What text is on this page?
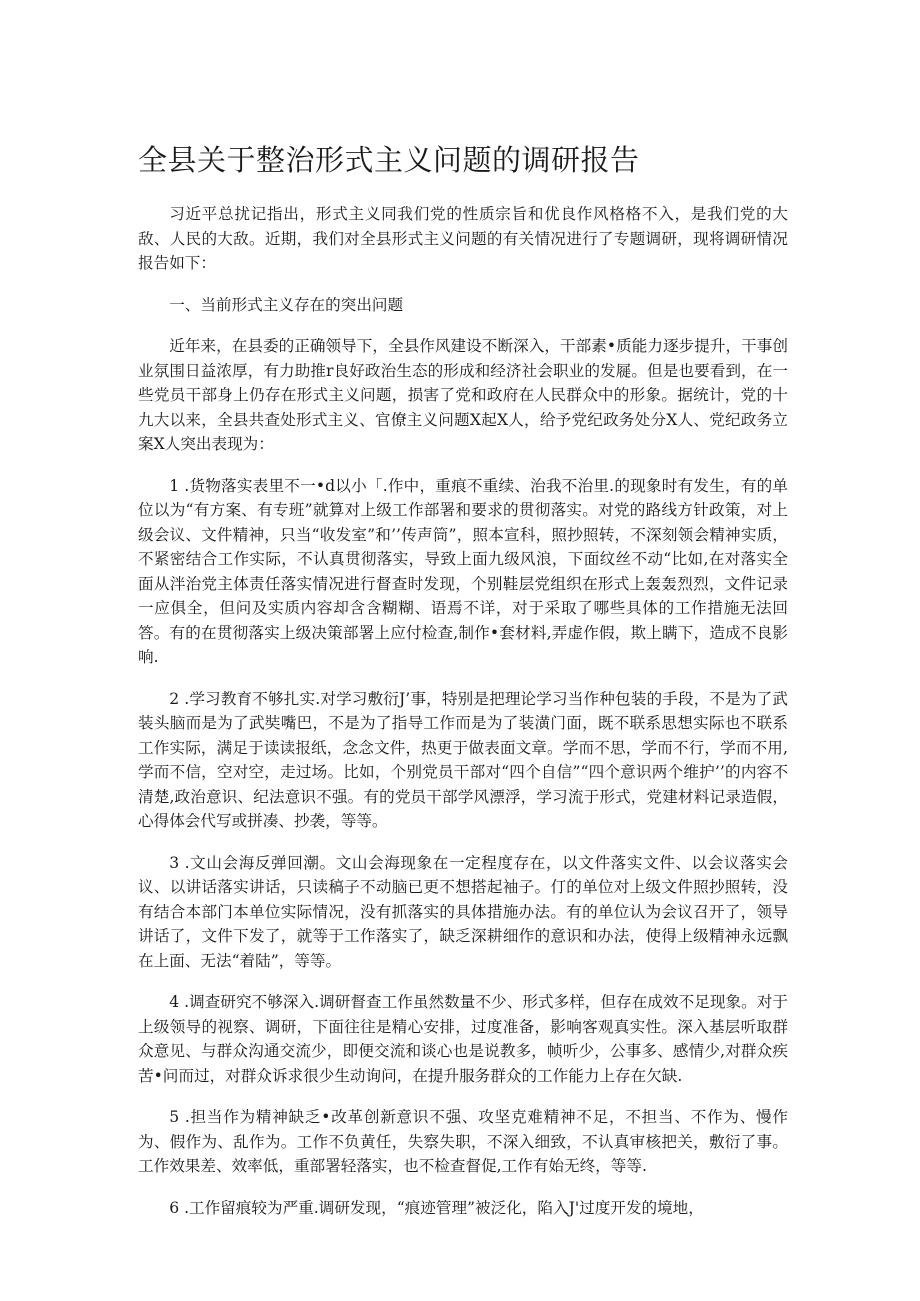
全县关于整治形式主义问题的调研报告

习近平总扰记指出，形式主义同我们党的性质宗旨和优良作风格格不入，是我们党的大敌、人民的大敌。近期，我们对全县形式主义问题的有关情况进行了专题调研，现将调研情况报告如下：

一、当前形式主义存在的突出问题

近年来，在县委的正确领导下，全县作风建设不断深入，干部素•质能力逐步提升，干事创业氛围日益浓厚，有力助推r良好政治生态的形成和经济社会职业的发屣。但是也要看到，在一些党员干部身上仍存在形式主义问题，损害了党和政府在人民群众中的形象。据统计，党的十九大以来，全县共查处形式主义、官僚主义问题X起X人，给予党纪政务处分X人、党纪政务立案X人突出表现为：

1 .货物落实表里不一•d以小「.作中，重痕不重续、治我不治里.的现象时有发生，有的单位以为“有方案、有专班”就算对上级工作部署和要求的贯彻落实。对党的路线方针政策，对上级会议、文件精神，只当“收发室”和’’传声筒”，照本宣科，照抄照转，不深刻领会精神实质，不紧密结合工作实际，不认真贯彻落实，导致上面九级风浪，下面纹丝不动“比如,在对落实全面从泮治党主体责任落实情况进行督查时发现，个别鞋层党组织在形式上轰轰烈烈，文件记录一应俱全，但问及实质内容却含含糊糊、语焉不详，对于采取了哪些具体的工作措施无法回答。有的在贯彻落实上级决策部署上应付检查,制作•套材料,弄虚作假，欺上瞒下，造成不良影响.

2 .学习教育不够扎实.对学习敷衍J’事，特别是把理论学习当作种包装的手段，不是为了武装头脑而是为了武奘嘴巴，不是为了指导工作而是为了装潢门面，既不联系思想实际也不联系工作实际，满足于读读报纸，念念文件，热更于做表面文章。学而不思，学而不行，学而不用,学而不信，空对空，走过场。比如，个别党员干部对“四个自信”“四个意识两个维护’’的内容不清楚,政治意识、纪法意识不强。有的党员干部学风漂浮，学习流于形式，党建材料记录造假，心得体会代写或拼凑、抄袭，等等。

3 .文山会海反弹回潮。文山会海现象在一定程度存在，以文件落实文件、以会议落实会议、以讲话落实讲话，只读稿子不动脑已更不想搭起袖子。仃的单位对上级文件照抄照转，没有结合本部门本单位实际情况，没有抓落实的具体措施办法。有的单位认为会议召开了，领导讲话了，文件下发了，就等于工作落实了，缺乏深耕细作的意识和办法，使得上级精神永远飘在上面、无法“着陆”，等等。

4 .调查研究不够深入.调研督查工作虽然数量不少、形式多样，但存在成效不足现象。对于上级领导的视察、调研，下面往往是精心安排，过度准备，影响客观真实性。深入基层听取群众意见、与群众沟通交流少，即便交流和谈心也是说教多，帧听少，公事多、感情少,对群众疾苦•问而过，对群众诉求很少生动询问，在提升服务群众的工作能力上存在欠缺.

5 .担当作为精神缺乏•改革创新意识不强、攻坚克难精神不足，不担当、不作为、慢作为、假作为、乱作为。工作不负黄任，失察失职，不深入细致，不认真审核把关，敷衍了事。工作效果差、效率低，重部署轻落实，也不检查督促,工作有始无终，等等.

6 .工作留痕较为严重.调研发现，“痕迹管理”被泛化，陷入J'过度开发的境地，
